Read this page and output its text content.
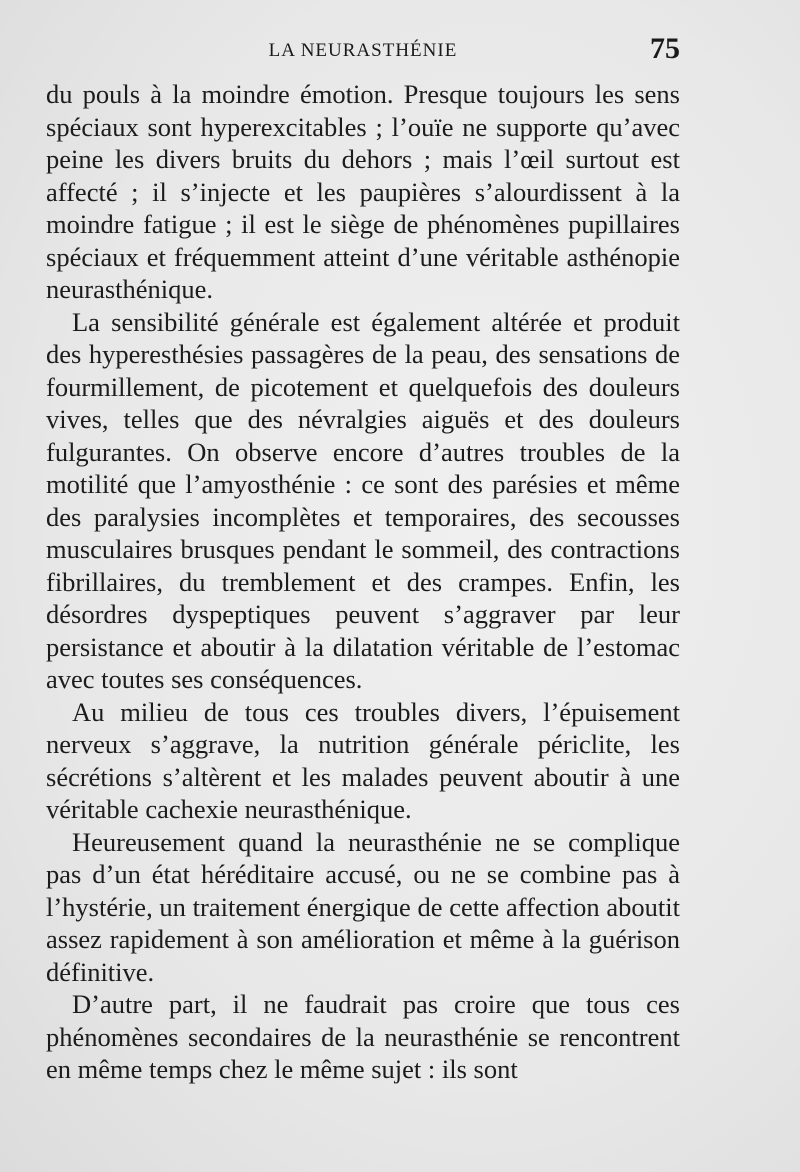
LA NEURASTHÉNIE	75

du pouls à la moindre émotion. Presque toujours les sens spéciaux sont hyperexcitables ; l’ouïe ne supporte qu’avec peine les divers bruits du dehors ; mais l’œil surtout est affecté ; il s’injecte et les paupières s’alourdissent à la moindre fatigue ; il est le siège de phénomènes pupillaires spéciaux et fréquemment atteint d’une véritable asthénopie neurasthénique.

La sensibilité générale est également altérée et produit des hyperesthésies passagères de la peau, des sensations de fourmillement, de picotement et quelquefois des douleurs vives, telles que des névralgies aiguës et des douleurs fulgurantes. On observe encore d’autres troubles de la motilité que l’amyosthénie : ce sont des parésies et même des paralysies incomplètes et temporaires, des secousses musculaires brusques pendant le sommeil, des contractions fibrillaires, du tremblement et des crampes. Enfin, les désordres dyspeptiques peuvent s’aggraver par leur persistance et aboutir à la dilatation véritable de l’estomac avec toutes ses conséquences.

Au milieu de tous ces troubles divers, l’épuisement nerveux s’aggrave, la nutrition générale périclite, les sécrétions s’altèrent et les malades peuvent aboutir à une véritable cachexie neurasthénique.

Heureusement quand la neurasthénie ne se complique pas d’un état héréditaire accusé, ou ne se combine pas à l’hystérie, un traitement énergique de cette affection aboutit assez rapidement à son amélioration et même à la guérison définitive.

D’autre part, il ne faudrait pas croire que tous ces phénomènes secondaires de la neurasthénie se rencontrent en même temps chez le même sujet : ils sont
